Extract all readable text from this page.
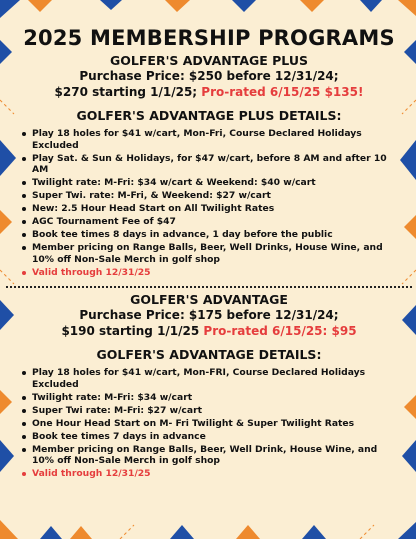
2025 MEMBERSHIP PROGRAMS
GOLFER'S ADVANTAGE PLUS
Purchase Price: $250 before 12/31/24;
$270 starting 1/1/25; Pro-rated 6/15/25 $135!
GOLFER'S ADVANTAGE PLUS DETAILS:
Play 18 holes for $41 w/cart, Mon-Fri, Course Declared Holidays Excluded
Play Sat. & Sun & Holidays, for $47 w/cart, before 8 AM and after 10 AM
Twilight rate: M-Fri: $34 w/cart & Weekend: $40 w/cart
Super Twi. rate: M-Fri, & Weekend: $27 w/cart
New: 2.5 Hour Head Start on All Twilight Rates
AGC Tournament Fee of $47
Book tee times 8 days in advance, 1 day before the public
Member pricing on Range Balls, Beer, Well Drinks, House Wine, and 10% off Non-Sale Merch in golf shop
Valid through 12/31/25
GOLFER'S ADVANTAGE
Purchase Price: $175 before 12/31/24;
$190 starting 1/1/25 Pro-rated 6/15/25: $95
GOLFER'S ADVANTAGE DETAILS:
Play 18 holes for $41 w/cart, Mon-FRI, Course Declared Holidays Excluded
Twilight rate: M-Fri: $34 w/cart
Super Twi rate: M-Fri: $27 w/cart
One Hour Head Start on M- Fri Twilight & Super Twilight Rates
Book tee times 7 days in advance
Member pricing on Range Balls, Beer, Well Drink, House Wine, and 10% off Non-Sale Merch in golf shop
Valid through 12/31/25
